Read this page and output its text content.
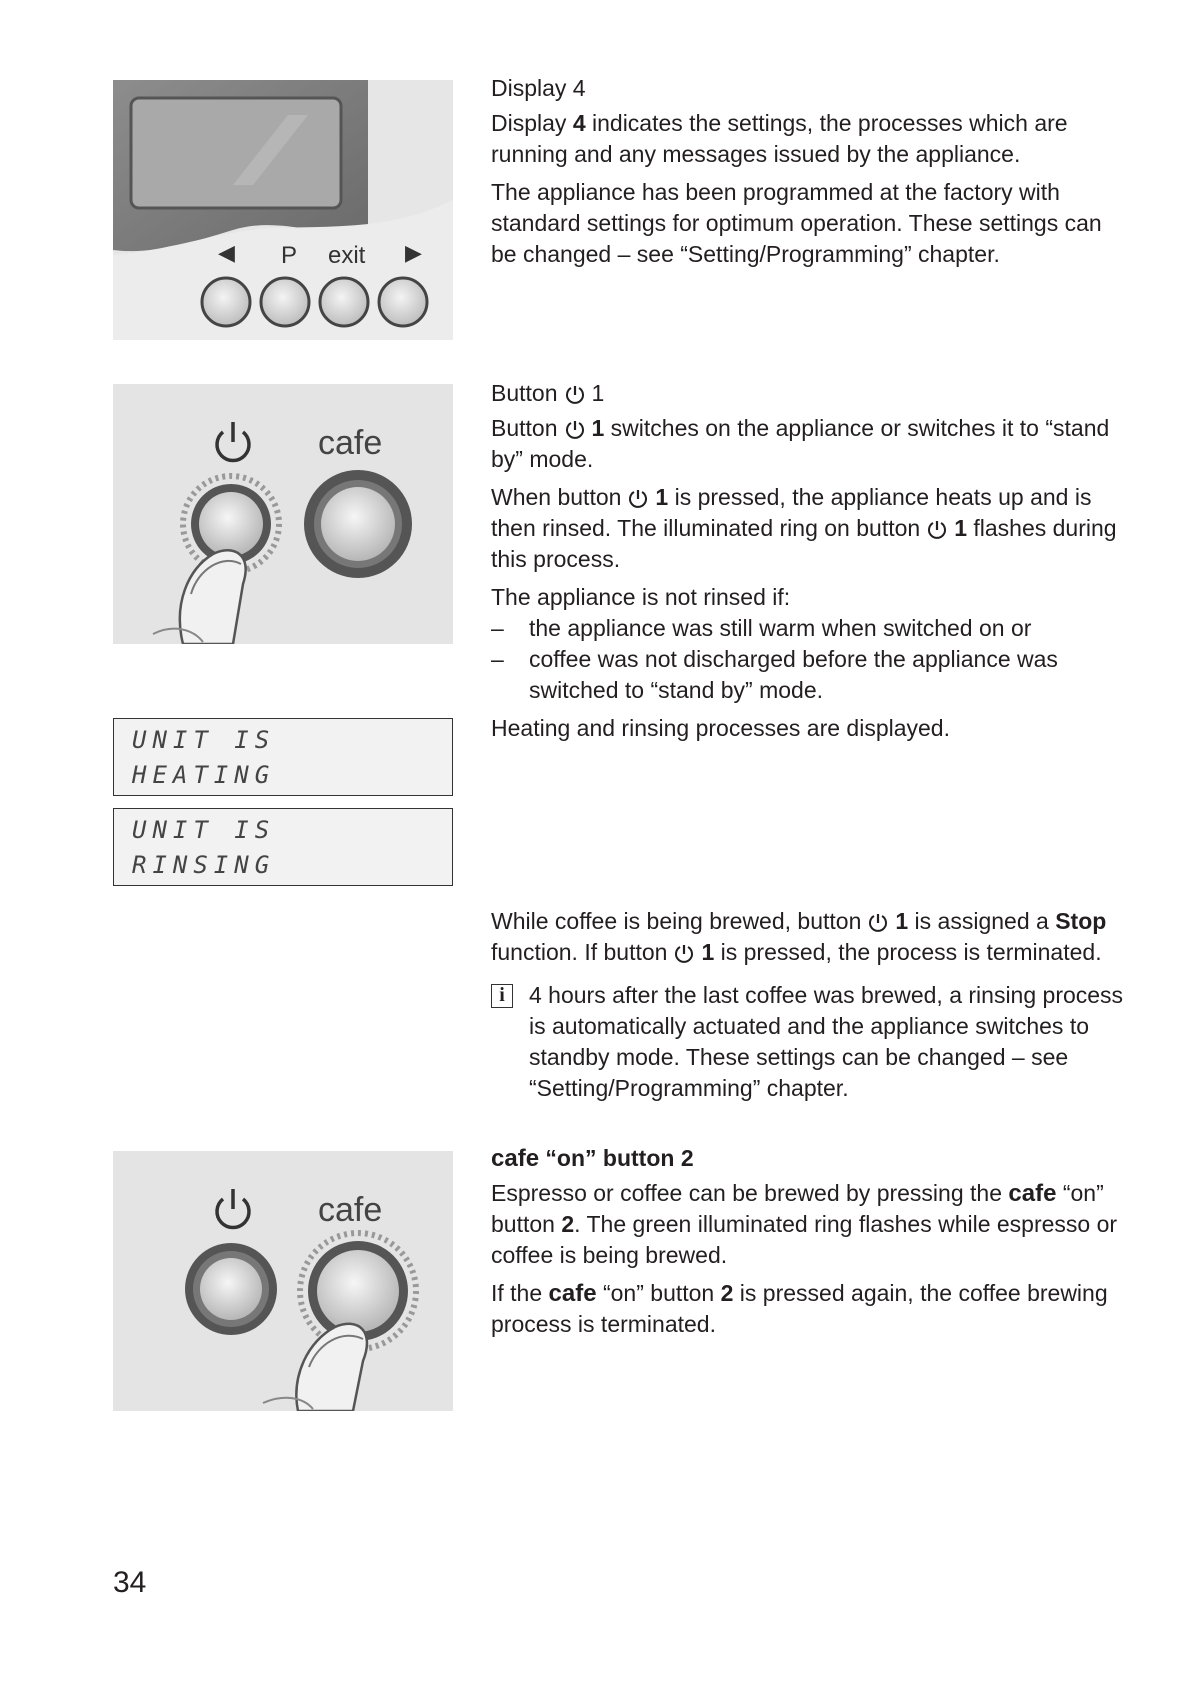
◀ P exit ▶
cafe
UNIT IS
HEATING
UNIT IS
RINSING
cafe
Display 4

Display 4 indicates the settings, the processes which are running and any messages issued by the appliance.

The appliance has been programmed at the factory with standard settings for optimum operation. These settings can be changed – see “Setting/Programming” chapter.

Button 1

Button 1 switches on the appliance or switches it to “stand by” mode.

When button 1 is pressed, the appliance heats up and is then rinsed. The illuminated ring on button 1 flashes during this process.

The appliance is not rinsed if:

– the appliance was still warm when switched on or
– coffee was not discharged before the appliance was switched to “stand by” mode.

Heating and rinsing processes are displayed.

While coffee is being brewed, button 1 is assigned a Stop function. If button 1 is pressed, the process is terminated.

i	4 hours after the last coffee was brewed, a rinsing process is automatically actuated and the appliance switches to standby mode. These settings can be changed – see “Setting/Programming” chapter.
cafe “on” button 2

Espresso or coffee can be brewed by pressing the cafe “on” button 2. The green illuminated ring flashes while espresso or coffee is being brewed.

If the cafe “on” button 2 is pressed again, the coffee brewing process is terminated.

34
